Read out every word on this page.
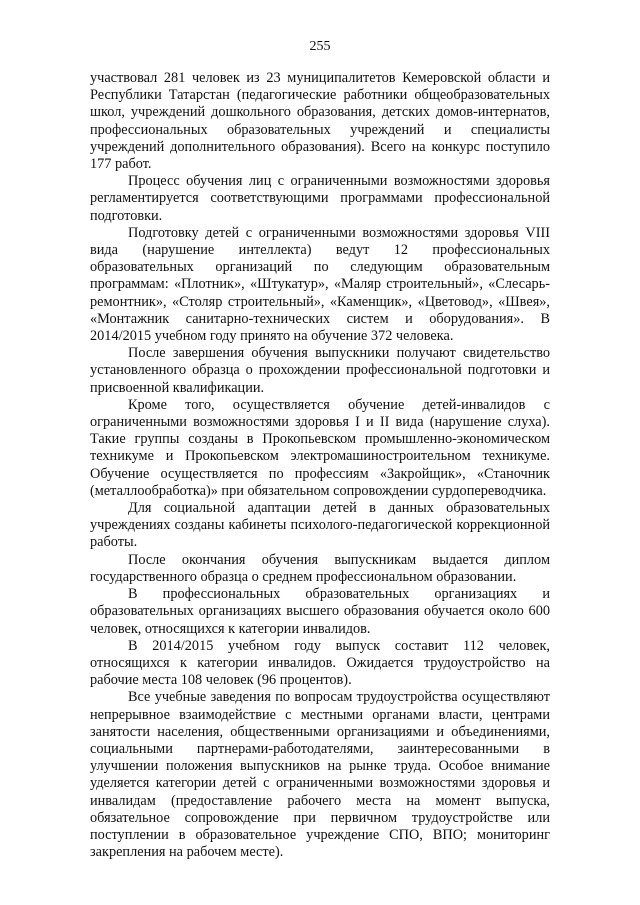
255

участвовал 281 человек из 23 муниципалитетов Кемеровской области и Республики Татарстан (педагогические работники общеобразовательных школ, учреждений дошкольного образования, детских домов-интернатов, профессиональных образовательных учреждений и специалисты учреждений дополнительного образования). Всего на конкурс поступило 177 работ.

Процесс обучения лиц с ограниченными возможностями здоровья регламентируется соответствующими программами профессиональной подготовки.

Подготовку детей с ограниченными возможностями здоровья VIII вида (нарушение интеллекта) ведут 12 профессиональных образовательных организаций по следующим образовательным программам: «Плотник», «Штукатур», «Маляр строительный», «Слесарь-ремонтник», «Столяр строительный», «Каменщик», «Цветовод», «Швея», «Монтажник санитарно-технических систем и оборудования». В 2014/2015 учебном году принято на обучение 372 человека.

После завершения обучения выпускники получают свидетельство установленного образца о прохождении профессиональной подготовки и присвоенной квалификации.

Кроме того, осуществляется обучение детей-инвалидов с ограниченными возможностями здоровья I и II вида (нарушение слуха). Такие группы созданы в Прокопьевском промышленно-экономическом техникуме и Прокопьевском электромашиностроительном техникуме. Обучение осуществляется по профессиям «Закройщик», «Станочник (металлообработка)» при обязательном сопровождении сурдопереводчика.

Для социальной адаптации детей в данных образовательных учреждениях созданы кабинеты психолого-педагогической коррекционной работы.

После окончания обучения выпускникам выдается диплом государственного образца о среднем профессиональном образовании.

В профессиональных образовательных организациях и образовательных организациях высшего образования обучается около 600 человек, относящихся к категории инвалидов.

В 2014/2015 учебном году выпуск составит 112 человек, относящихся к категории инвалидов. Ожидается трудоустройство на рабочие места 108 человек (96 процентов).

Все учебные заведения по вопросам трудоустройства осуществляют непрерывное взаимодействие с местными органами власти, центрами занятости населения, общественными организациями и объединениями, социальными партнерами-работодателями, заинтересованными в улучшении положения выпускников на рынке труда. Особое внимание уделяется категории детей с ограниченными возможностями здоровья и инвалидам (предоставление рабочего места на момент выпуска, обязательное сопровождение при первичном трудоустройстве или поступлении в образовательное учреждение СПО, ВПО; мониторинг закрепления на рабочем месте).
